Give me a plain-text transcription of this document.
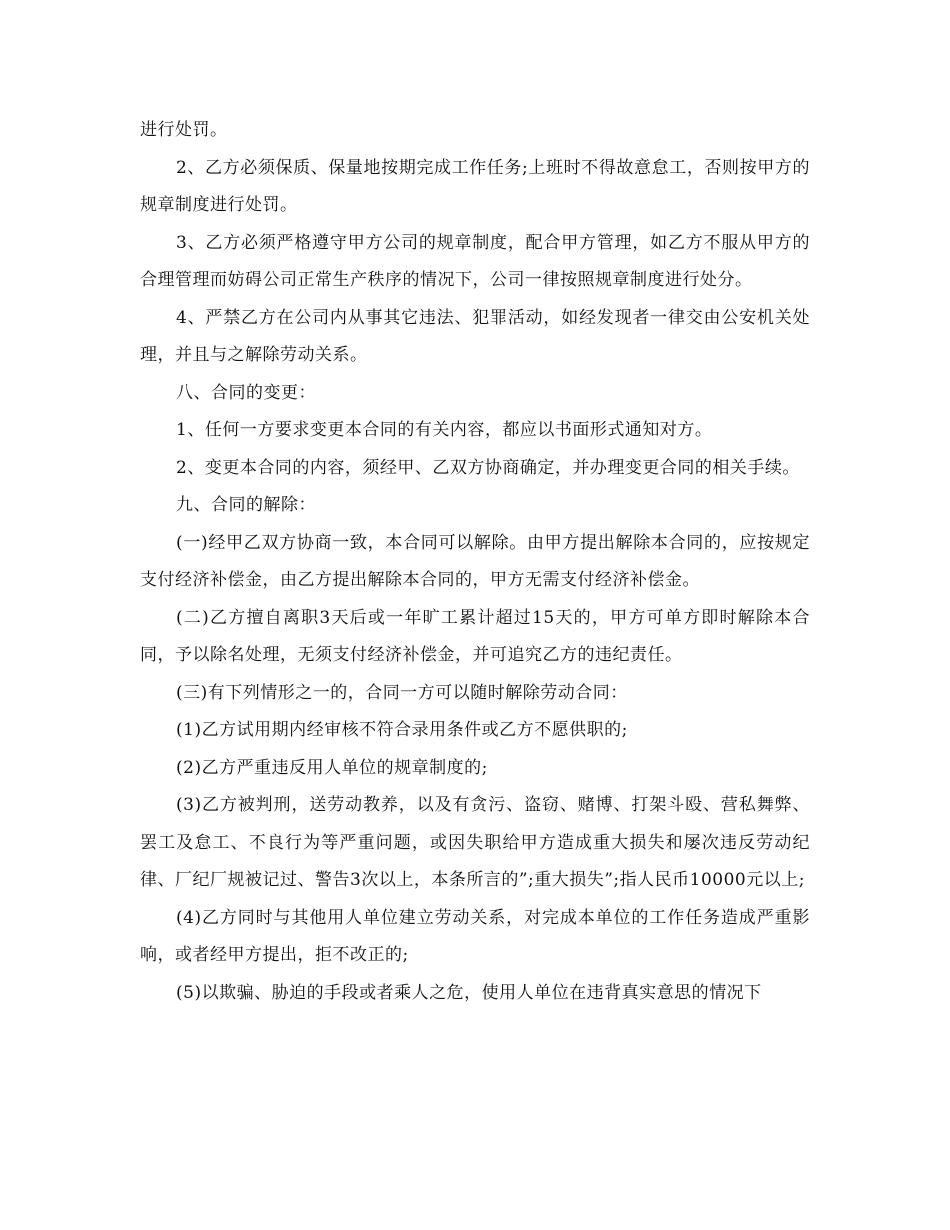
进行处罚。

2、乙方必须保质、保量地按期完成工作任务;上班时不得故意怠工，否则按甲方的规章制度进行处罚。

3、乙方必须严格遵守甲方公司的规章制度，配合甲方管理，如乙方不服从甲方的合理管理而妨碍公司正常生产秩序的情况下，公司一律按照规章制度进行处分。

4、严禁乙方在公司内从事其它违法、犯罪活动，如经发现者一律交由公安机关处理，并且与之解除劳动关系。

八、合同的变更：

1、任何一方要求变更本合同的有关内容，都应以书面形式通知对方。

2、变更本合同的内容，须经甲、乙双方协商确定，并办理变更合同的相关手续。

九、合同的解除：

(一)经甲乙双方协商一致，本合同可以解除。由甲方提出解除本合同的，应按规定支付经济补偿金，由乙方提出解除本合同的，甲方无需支付经济补偿金。

(二)乙方擅自离职3天后或一年旷工累计超过15天的，甲方可单方即时解除本合同，予以除名处理，无须支付经济补偿金，并可追究乙方的违纪责任。

(三)有下列情形之一的，合同一方可以随时解除劳动合同：

(1)乙方试用期内经审核不符合录用条件或乙方不愿供职的;

(2)乙方严重违反用人单位的规章制度的;

(3)乙方被判刑，送劳动教养，以及有贪污、盗窃、赌博、打架斗殴、营私舞弊、罢工及怠工、不良行为等严重问题，或因失职给甲方造成重大损失和屡次违反劳动纪律、厂纪厂规被记过、警告3次以上，本条所言的”;重大损失”;指人民币10000元以上;

(4)乙方同时与其他用人单位建立劳动关系，对完成本单位的工作任务造成严重影响，或者经甲方提出，拒不改正的;

(5)以欺骗、胁迫的手段或者乘人之危，使用人单位在违背真实意思的情况下
